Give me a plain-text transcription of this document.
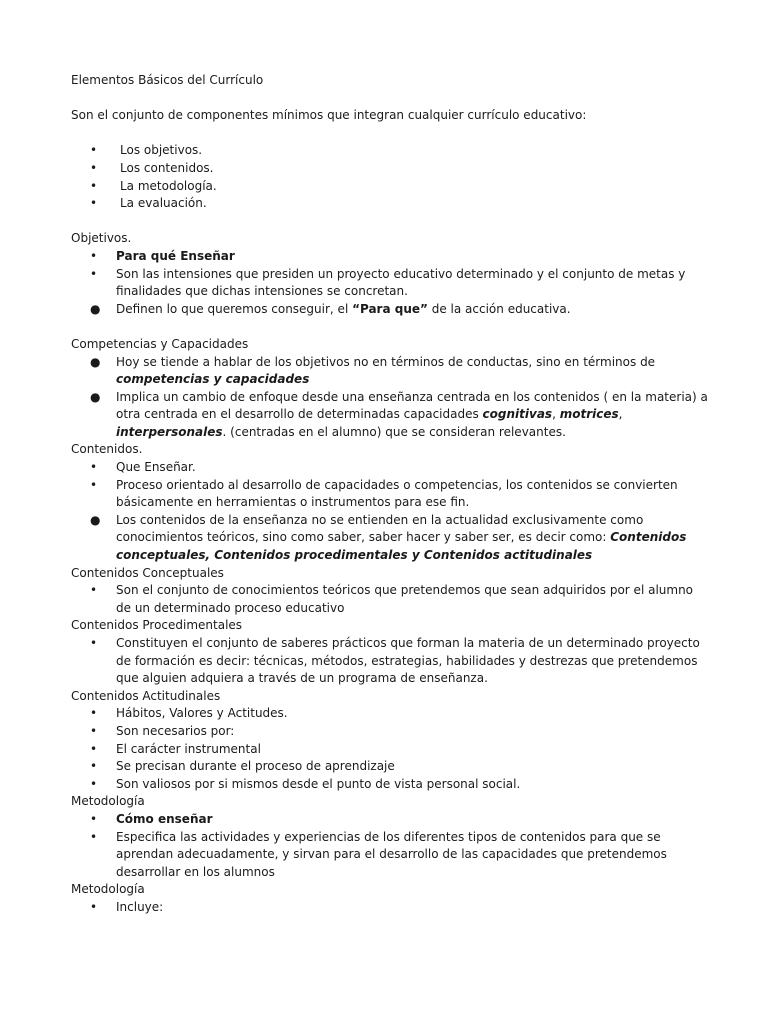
Elementos Básicos del Currículo

Son el conjunto de componentes mínimos que integran cualquier currículo educativo:

• Los objetivos.
• Los contenidos.
• La metodología.
• La evaluación.

Objetivos.

• Para qué Enseñar
• Son las intensiones que presiden un proyecto educativo determinado y el conjunto de metas y finalidades que dichas intensiones se concretan.
● Definen lo que queremos conseguir, el “Para que” de la acción educativa.

Competencias y Capacidades

● Hoy se tiende a hablar de los objetivos no en términos de conductas, sino en términos de competencias y capacidades
● Implica un cambio de enfoque desde una enseñanza centrada en los contenidos ( en la materia) a otra centrada en el desarrollo de determinadas capacidades cognitivas, motrices, interpersonales. (centradas en el alumno) que se consideran relevantes.

Contenidos.

• Que Enseñar.
• Proceso orientado al desarrollo de capacidades o competencias, los contenidos se convierten básicamente en herramientas o instrumentos para ese fin.
● Los contenidos de la enseñanza no se entienden en la actualidad exclusivamente como conocimientos teóricos, sino como saber, saber hacer y saber ser, es decir como: Contenidos conceptuales, Contenidos procedimentales y Contenidos actitudinales

Contenidos Conceptuales

• Son el conjunto de conocimientos teóricos que pretendemos que sean adquiridos por el alumno de un determinado proceso educativo

Contenidos Procedimentales

• Constituyen el conjunto de saberes prácticos que forman la materia de un determinado proyecto de formación es decir: técnicas, métodos, estrategias, habilidades y destrezas que pretendemos que alguien adquiera a través de un programa de enseñanza.

Contenidos Actitudinales

• Hábitos, Valores y Actitudes.
• Son necesarios por:
• El carácter instrumental
• Se precisan durante el proceso de aprendizaje
• Son valiosos por si mismos desde el punto de vista personal social.

Metodología

• Cómo enseñar
• Especifica las actividades y experiencias de los diferentes tipos de contenidos para que se aprendan adecuadamente, y sirvan para el desarrollo de las capacidades que pretendemos desarrollar en los alumnos

Metodología

• Incluye:
